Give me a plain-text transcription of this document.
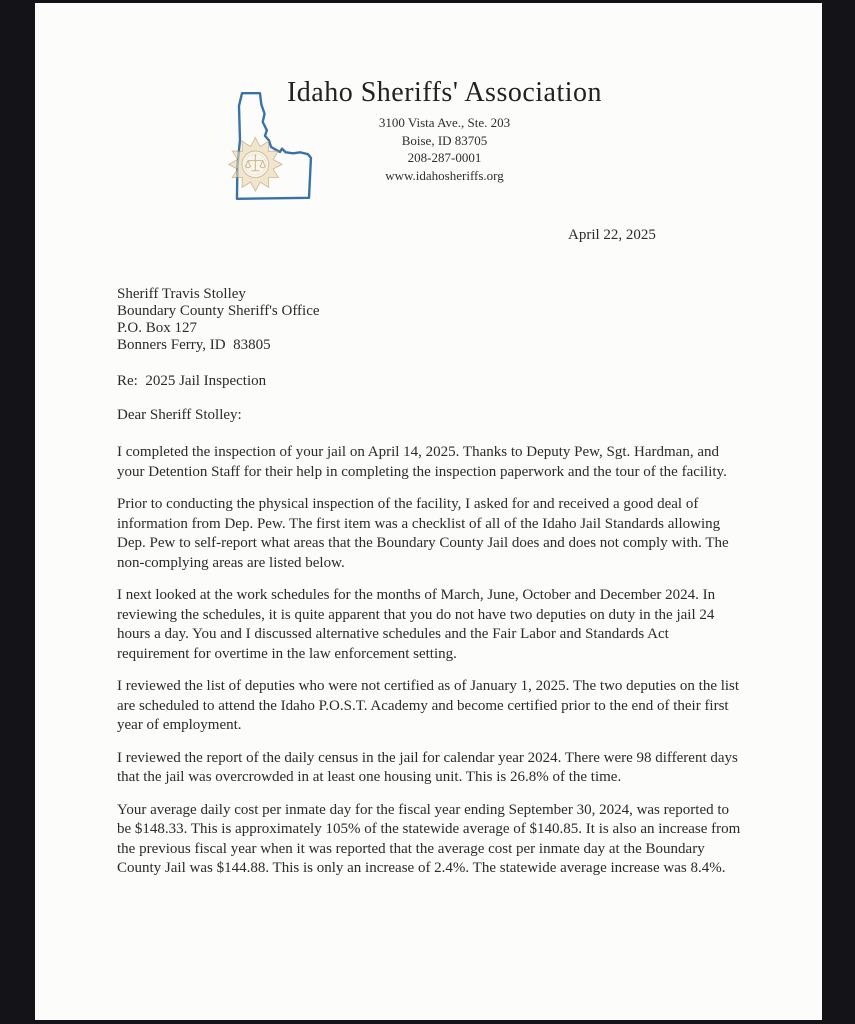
Idaho Sheriffs' Association
3100 Vista Ave., Ste. 203
Boise, ID 83705
208-287-0001
www.idahosheriffs.org
April 22, 2025
Sheriff Travis Stolley
Boundary County Sheriff's Office
P.O. Box 127
Bonners Ferry, ID  83805
Re:  2025 Jail Inspection
Dear Sheriff Stolley:

I completed the inspection of your jail on April 14, 2025. Thanks to Deputy Pew, Sgt. Hardman, and your Detention Staff for their help in completing the inspection paperwork and the tour of the facility.

Prior to conducting the physical inspection of the facility, I asked for and received a good deal of information from Dep. Pew. The first item was a checklist of all of the Idaho Jail Standards allowing Dep. Pew to self-report what areas that the Boundary County Jail does and does not comply with. The non-complying areas are listed below.

I next looked at the work schedules for the months of March, June, October and December 2024. In reviewing the schedules, it is quite apparent that you do not have two deputies on duty in the jail 24 hours a day. You and I discussed alternative schedules and the Fair Labor and Standards Act requirement for overtime in the law enforcement setting.

I reviewed the list of deputies who were not certified as of January 1, 2025. The two deputies on the list are scheduled to attend the Idaho P.O.S.T. Academy and become certified prior to the end of their first year of employment.

I reviewed the report of the daily census in the jail for calendar year 2024. There were 98 different days that the jail was overcrowded in at least one housing unit. This is 26.8% of the time.

Your average daily cost per inmate day for the fiscal year ending September 30, 2024, was reported to be $148.33. This is approximately 105% of the statewide average of $140.85. It is also an increase from the previous fiscal year when it was reported that the average cost per inmate day at the Boundary County Jail was $144.88. This is only an increase of 2.4%. The statewide average increase was 8.4%.
